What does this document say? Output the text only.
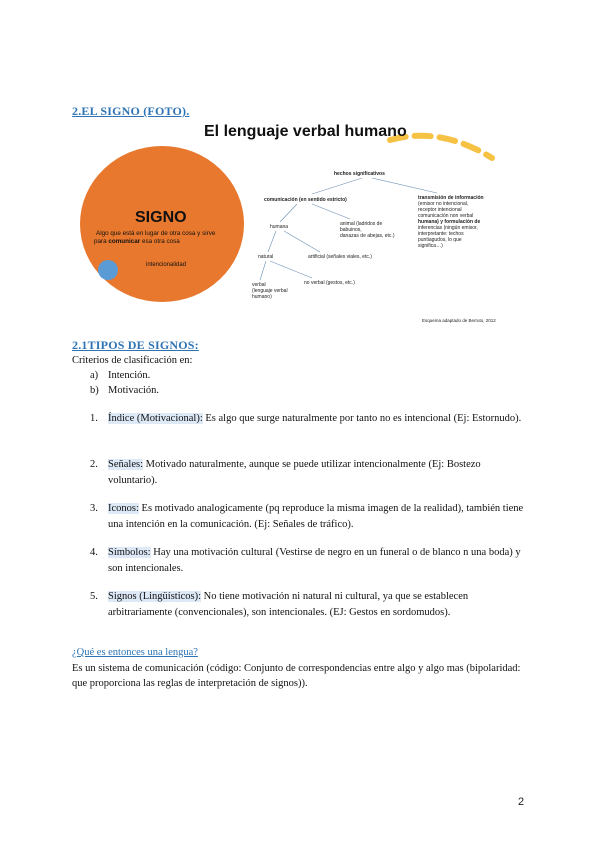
2.EL SIGNO (FOTO).
El lenguaje verbal humano
SIGNO
Algo que está en lugar de otra cosa y sirve
para comunicar esa otra cosa
intencionalidad
hechos significativos
comunicación (en sentido estricto)	transmisión de información
(emisor no intencional,
receptor intencional
comunicación non verbal
humana) y formulación de
inferencias (ningún emisor,
interpretante: techos
puntiagudos, lo que
significa…)
animal (ladridos de
babuinos,
danazas de abejas, etc.)
humana
natural	artificial (señales viales, etc.)
verbal
(lenguaje verbal
humano)
no verbal (gestos, etc.)
Esquema adaptado de Berruto, 2012
2.1TIPOS DE SIGNOS:
Criterios de clasificación en:
a) Intención.
b) Motivación.
1. Índice (Motivacional): Es algo que surge naturalmente por tanto no es intencional (Ej: Estornudo).
2. Señales: Motivado naturalmente, aunque se puede utilizar intencionalmente (Ej: Bostezo voluntario).
3. Iconos: Es motivado analogicamente (pq reproduce la misma imagen de la realidad), también tiene una intención en la comunicación. (Ej: Señales de tráfico).
4. Símbolos: Hay una motivación cultural (Vestirse de negro en un funeral o de blanco n una boda) y son intencionales.
5. Signos (Lingüísticos): No tiene motivación ni natural ni cultural, ya que se establecen arbitrariamente (convencionales), son intencionales. (EJ: Gestos en sordomudos).
¿Qué es entonces una lengua?
Es un sistema de comunicación (código: Conjunto de correspondencias entre algo y algo mas (bipolaridad: que proporciona las reglas de interpretación de signos)).
2
